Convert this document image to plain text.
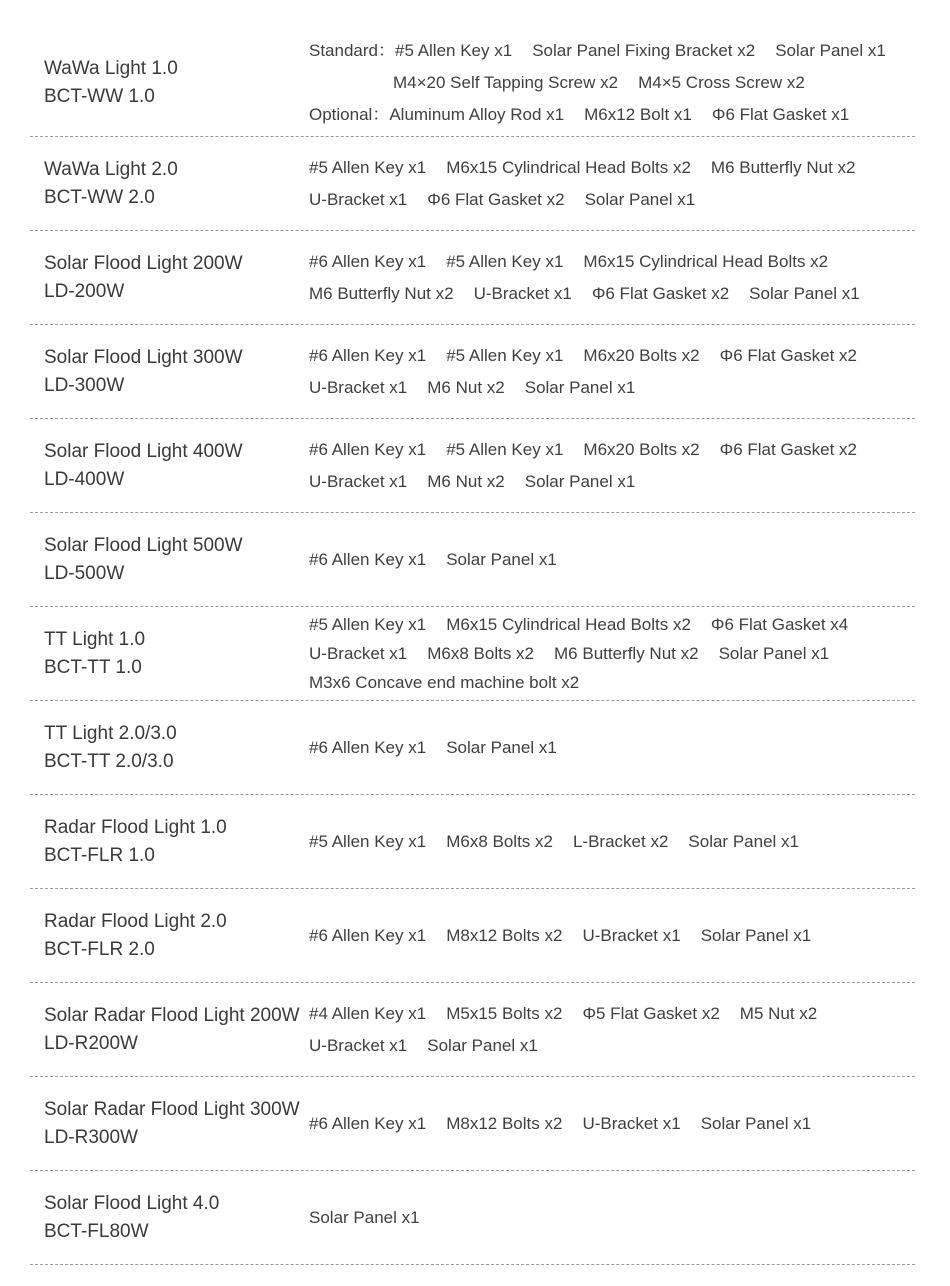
WaWa Light 1.0
BCT-WW 1.0
Standard：#5 Allen Key x1 Solar Panel Fixing Bracket x2 Solar Panel x1
M4×20 Self Tapping Screw x2 M4×5 Cross Screw x2
Optional：Aluminum Alloy Rod x1 M6x12 Bolt x1 Φ6 Flat Gasket x1
WaWa Light 2.0
BCT-WW 2.0
#5 Allen Key x1 M6x15 Cylindrical Head Bolts x2 M6 Butterfly Nut x2
U-Bracket x1 Φ6 Flat Gasket x2 Solar Panel x1
Solar Flood Light 200W
LD-200W
#6 Allen Key x1 #5 Allen Key x1 M6x15 Cylindrical Head Bolts x2
M6 Butterfly Nut x2 U-Bracket x1 Φ6 Flat Gasket x2 Solar Panel x1
Solar Flood Light 300W
LD-300W
#6 Allen Key x1 #5 Allen Key x1 M6x20 Bolts x2 Φ6 Flat Gasket x2
U-Bracket x1 M6 Nut x2 Solar Panel x1
Solar Flood Light 400W
LD-400W
#6 Allen Key x1 #5 Allen Key x1 M6x20 Bolts x2 Φ6 Flat Gasket x2
U-Bracket x1 M6 Nut x2 Solar Panel x1
Solar Flood Light 500W
LD-500W
#6 Allen Key x1 Solar Panel x1
TT Light 1.0
BCT-TT 1.0
#5 Allen Key x1 M6x15 Cylindrical Head Bolts x2 Φ6 Flat Gasket x4
U-Bracket x1 M6x8 Bolts x2 M6 Butterfly Nut x2 Solar Panel x1
M3x6 Concave end machine bolt x2
TT Light 2.0/3.0
BCT-TT 2.0/3.0
#6 Allen Key x1 Solar Panel x1
Radar Flood Light 1.0
BCT-FLR 1.0
#5 Allen Key x1 M6x8 Bolts x2 L-Bracket x2 Solar Panel x1
Radar Flood Light 2.0
BCT-FLR 2.0
#6 Allen Key x1 M8x12 Bolts x2 U-Bracket x1 Solar Panel x1
Solar Radar Flood Light 200W
LD-R200W
#4 Allen Key x1 M5x15 Bolts x2 Φ5 Flat Gasket x2 M5 Nut x2
U-Bracket x1 Solar Panel x1
Solar Radar Flood Light 300W
LD-R300W
#6 Allen Key x1 M8x12 Bolts x2 U-Bracket x1 Solar Panel x1
Solar Flood Light 4.0
BCT-FL80W
Solar Panel x1
